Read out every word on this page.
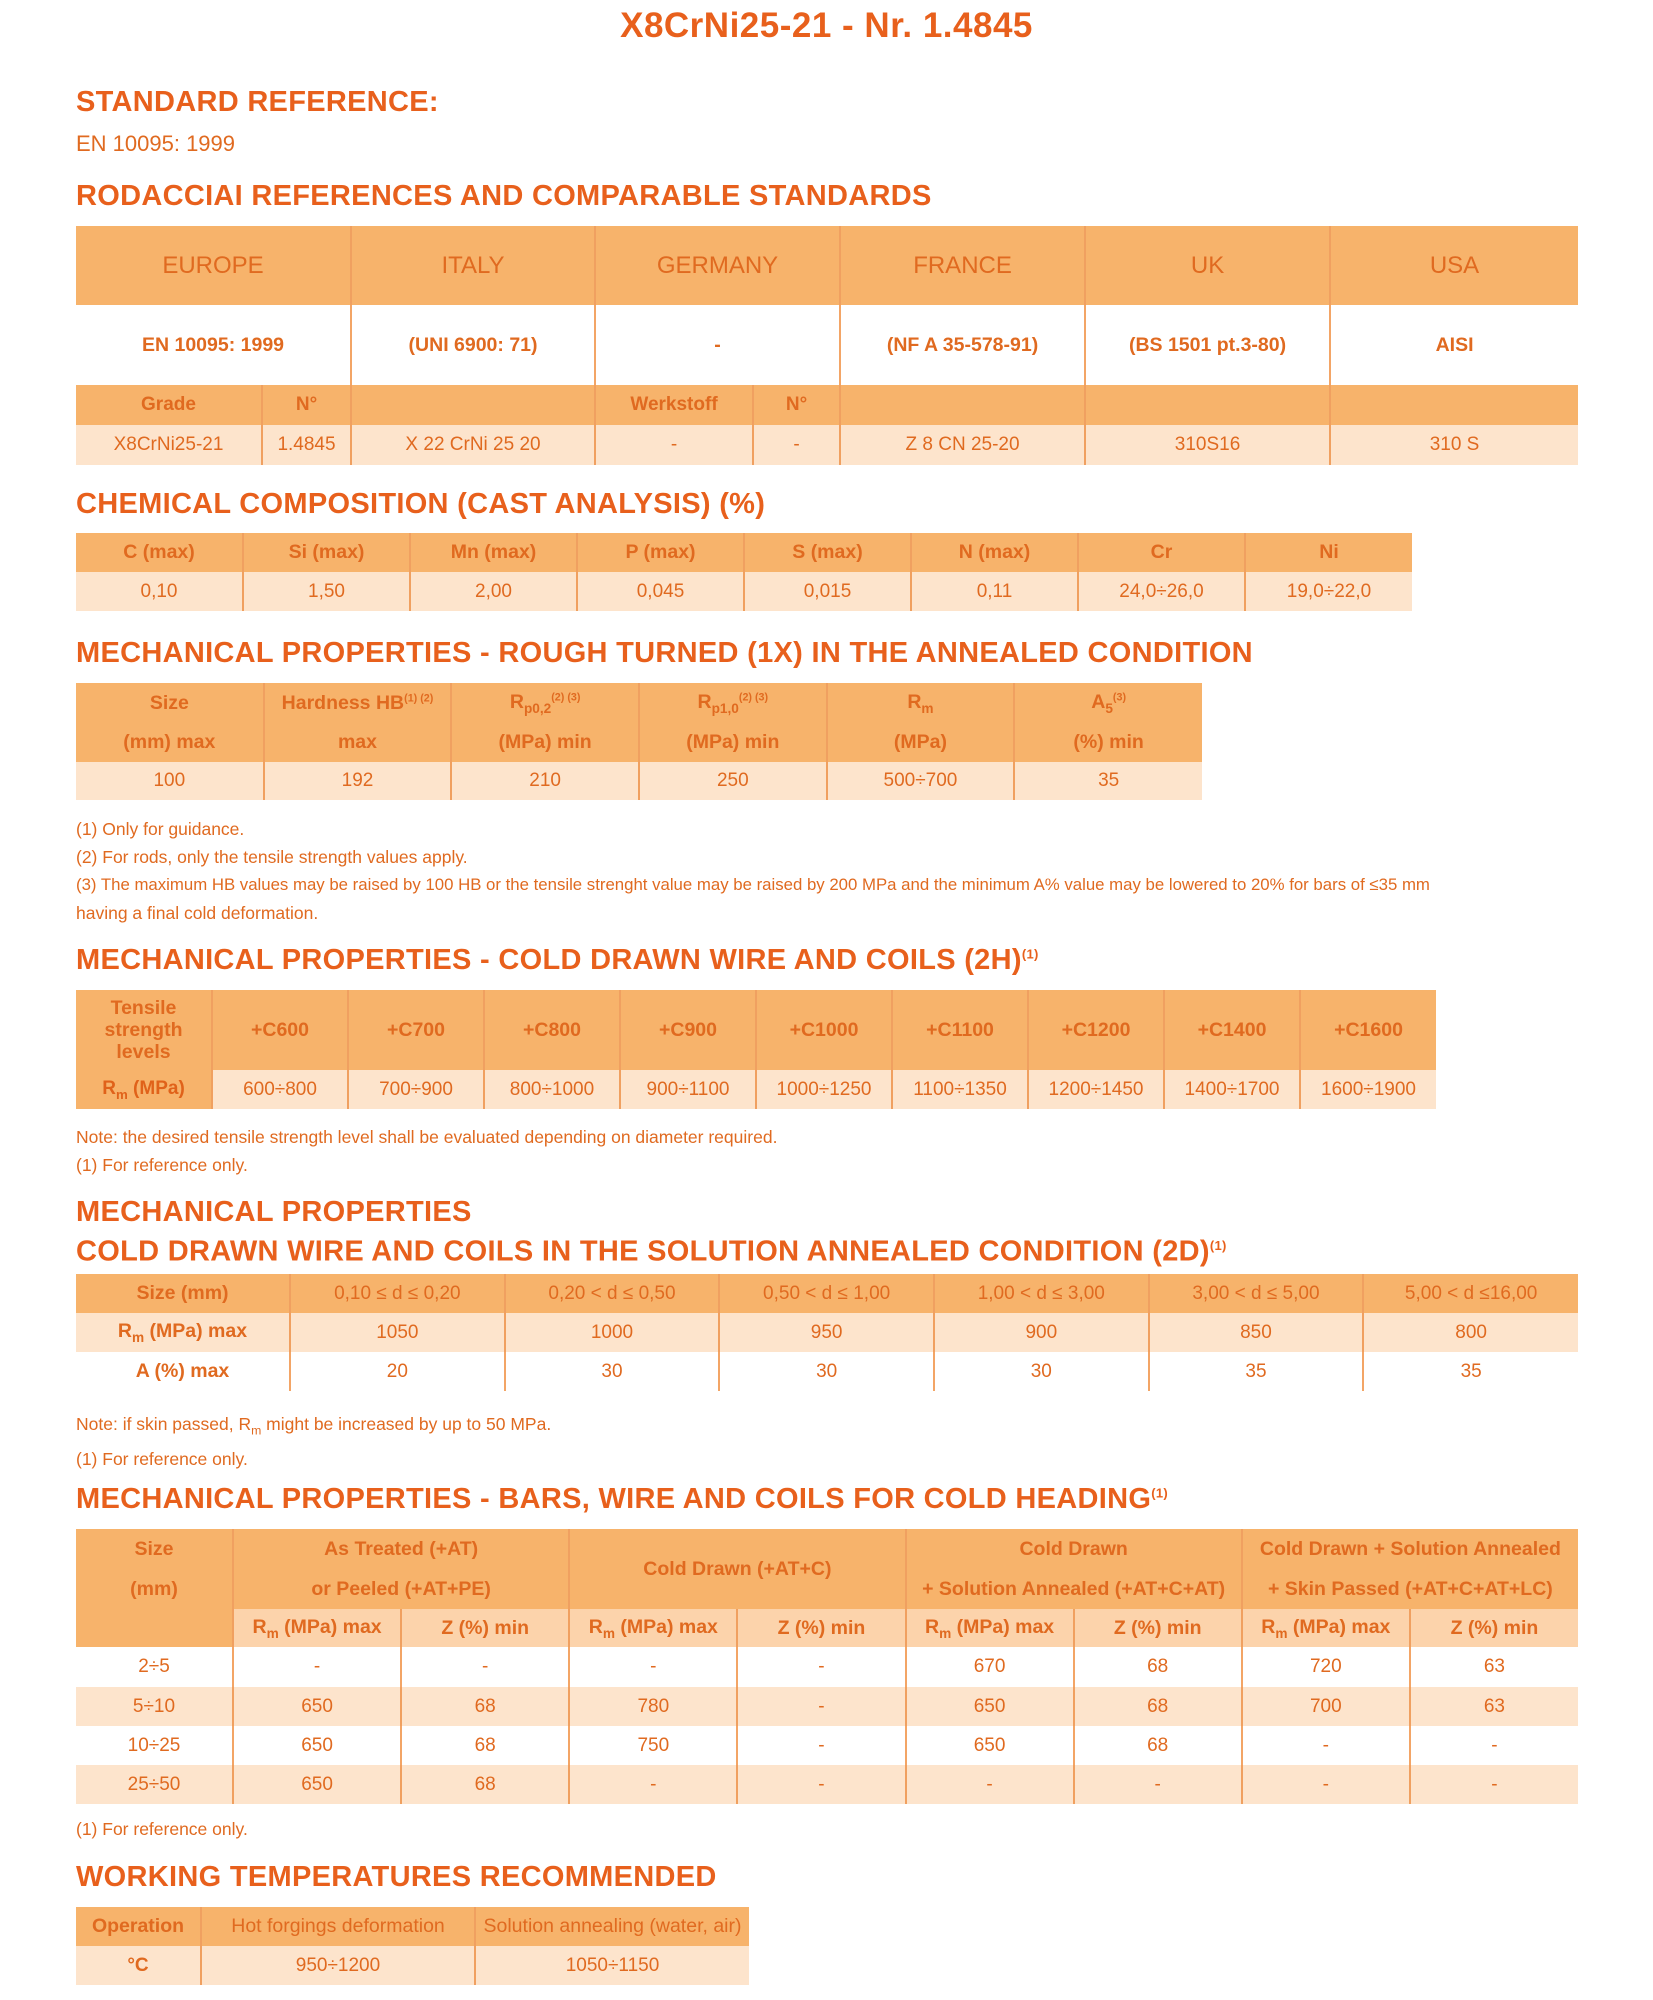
X8CrNi25-21 - Nr. 1.4845
STANDARD REFERENCE:
EN 10095: 1999
RODACCIAI REFERENCES AND COMPARABLE STANDARDS
EUROPE		ITALY	GERMANY		FRANCE	UK	USA
EN 10095: 1999		(UNI 6900: 71)	-		(NF A 35-578-91)	(BS 1501 pt.3-80)	AISI
Grade	N°		Werkstoff	N°			
X8CrNi25-21	1.4845	X 22 CrNi 25 20	-	-	Z 8 CN 25-20	310S16	310 S
CHEMICAL COMPOSITION (CAST ANALYSIS) (%)
C (max)	Si (max)	Mn (max)	P (max)	S (max)	N (max)	Cr	Ni
0,10	1,50	2,00	0,045	0,015	0,11	24,0÷26,0	19,0÷22,0
MECHANICAL PROPERTIES - ROUGH TURNED (1X) IN THE ANNEALED CONDITION
Size	Hardness $HB^{(1) (2)}$	$R_{p0,2}^{(2) (3)}$	$R_{p1,0}^{(2) (3)}$	$R_m$	$A_5^{(3)}$
(mm) max	max	(MPa) min	(MPa) min	(MPa)	(%) min
100	192	210	250	500÷700	35
(1) Only for guidance.
(2) For rods, only the tensile strength values apply.
(3) The maximum HB values may be raised by 100 HB or the tensile strenght value may be raised by 200 MPa and the minimum A% value may be lowered to 20% for bars of ≤35 mm
having a final cold deformation.
MECHANICAL PROPERTIES - COLD DRAWN WIRE AND COILS $(2H)^{(1)}$
Tensile
strength
levels	+C600	+C700	+C800	+C900	+C1000	+C1100	+C1200	+C1400	+C1600
$R_m$ (MPa)	600÷800	700÷900	800÷1000	900÷1100	1000÷1250	1100÷1350	1200÷1450	1400÷1700	1600÷1900
Note: the desired tensile strength level shall be evaluated depending on diameter required.
(1) For reference only.
MECHANICAL PROPERTIES
COLD DRAWN WIRE AND COILS IN THE SOLUTION ANNEALED CONDITION $(2D)^{(1)}$
Size (mm)	0,10 ≤ d ≤ 0,20	0,20 < d ≤ 0,50	0,50 < d ≤ 1,00	1,00 < d ≤ 3,00	3,00 < d ≤ 5,00	5,00 < d ≤16,00
$R_m$ (MPa) max	1050	1000	950	900	850	800
A (%) max	20	30	30	30	35	35
Note: if skin passed, $R_m$ might be increased by up to 50 MPa.
(1) For reference only.
MECHANICAL PROPERTIES - BARS, WIRE AND COILS FOR COLD HEADING$^{(1)}$
Size
(mm)	As Treated (+AT)		Cold Drawn (+AT+C)		Cold Drawn		Cold Drawn + Solution Annealed	
	or Peeled (+AT+PE)				+ Solution Annealed (+AT+C+AT)		+ Skin Passed (+AT+C+AT+LC)	
	$R_m$ (MPa) max	Z (%) min	$R_m$ (MPa) max	Z (%) min	$R_m$ (MPa) max	Z (%) min	$R_m$ (MPa) max	Z (%) min
2÷5	-	-	-	-	670	68	720	63
5÷10	650	68	780	-	650	68	700	63
10÷25	650	68	750	-	650	68	-	-
25÷50	650	68	-	-	-	-	-	-
(1) For reference only.
WORKING TEMPERATURES RECOMMENDED
Operation	Hot forgings deformation	Solution annealing (water, air)
°C	950÷1200	1050÷1150
